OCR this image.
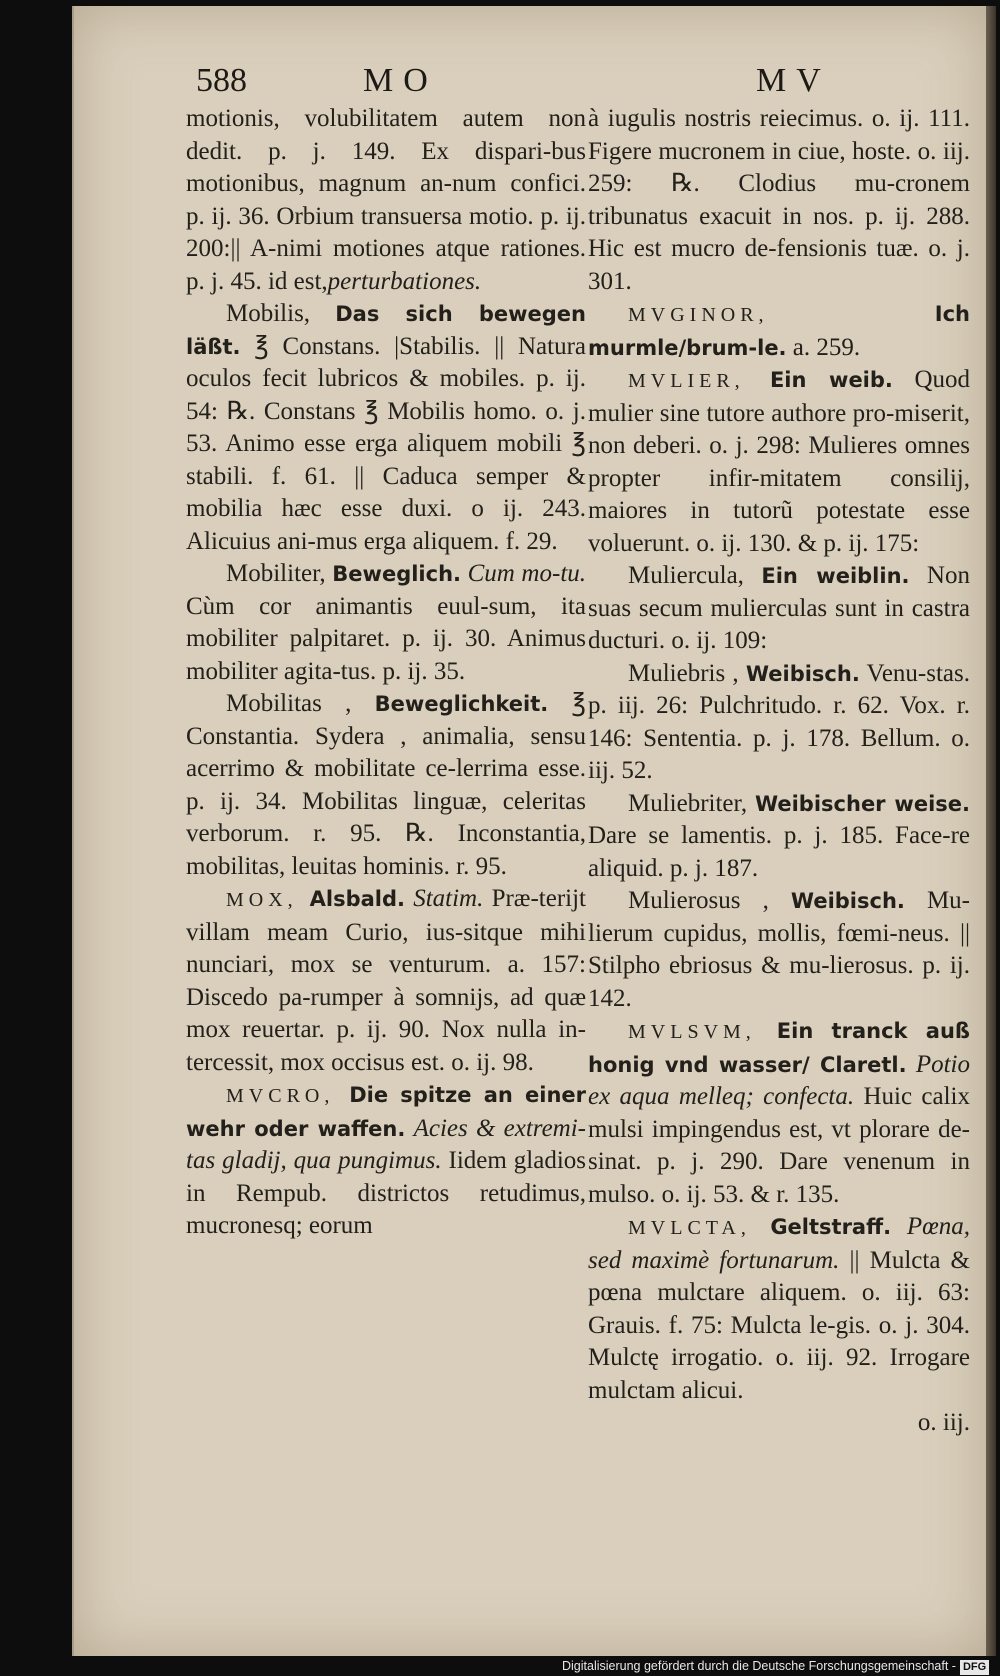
588	MO	MV

motionis, volubilitatem autem non dedit. p. j. 149. Ex dispari-bus motionibus, magnum an-num confici. p. ij. 36. Orbium transuersa motio. p. ij. 200:|| A-nimi motiones atque rationes. p. j. 45. id est,perturbationes.

Mobilis, Das sich bewegen läßt. ℥ Constans. |Stabilis. || Natura oculos fecit lubricos & mobiles. p. ij. 54: ℞. Constans ℥ Mobilis homo. o. j. 53. Animo esse erga aliquem mobili ℥ stabili. f. 61. || Caduca semper & mobilia hæc esse duxi. o ij. 243. Alicuius ani-mus erga aliquem. f. 29.

Mobiliter, Beweglich. Cum mo-tu. Cùm cor animantis euul-sum, ita mobiliter palpitaret. p. ij. 30. Animus mobiliter agita-tus. p. ij. 35.

Mobilitas , Beweglichkeit. ℥ Constantia. Sydera , animalia, sensu acerrimo & mobilitate ce-lerrima esse. p. ij. 34. Mobilitas linguæ, celeritas verborum. r. 95. ℞. Inconstantia, mobilitas, leuitas hominis. r. 95.

MOX, Alsbald. Statim. Præ-terijt villam meam Curio, ius-sitque mihi nunciari, mox se venturum. a. 157: Discedo pa-rumper à somnijs, ad quæ mox reuertar. p. ij. 90. Nox nulla in-tercessit, mox occisus est. o. ij. 98.

MVCRO, Die spitze an einer wehr oder waffen. Acies & extremi-tas gladij, qua pungimus. Iidem gladios in Rempub. districtos retudimus, mucronesq; eorum

à iugulis nostris reiecimus. o. ij. 111. Figere mucronem in ciue, hoste. o. iij. 259: ℞. Clodius mu-cronem tribunatus exacuit in nos. p. ij. 288. Hic est mucro de-fensionis tuæ. o. j. 301.

MVGINOR, Ich murmle/brum-le. a. 259.

MVLIER, Ein weib. Quod mulier sine tutore authore pro-miserit, non deberi. o. j. 298: Mulieres omnes propter infir-mitatem consilij, maiores in tutorũ potestate esse voluerunt. o. ij. 130. & p. ij. 175:

Muliercula, Ein weiblin. Non suas secum mulierculas sunt in castra ducturi. o. ij. 109:

Muliebris , Weibisch. Venu-stas. p. iij. 26: Pulchritudo. r. 62. Vox. r. 146: Sententia. p. j. 178. Bellum. o. iij. 52.

Muliebriter, Weibischer weise. Dare se lamentis. p. j. 185. Face-re aliquid. p. j. 187.

Mulierosus , Weibisch. Mu-lierum cupidus, mollis, fœmi-neus. || Stilpho ebriosus & mu-lierosus. p. ij. 142.

MVLSVM, Ein tranck auß honig vnd wasser/ Claretl. Potio ex aqua melleq; confecta. Huic calix mulsi impingendus est, vt plorare de-sinat. p. j. 290. Dare venenum in mulso. o. ij. 53. & r. 135.

MVLCTA, Geltstraff. Pœna, sed maximè fortunarum. || Mulcta & pœna mulctare aliquem. o. iij. 63: Grauis. f. 75: Mulcta le-gis. o. j. 304. Mulctę irrogatio. o. iij. 92. Irrogare mulctam alicui.

o. iij.

Digitalisierung gefördert durch die Deutsche Forschungsgemeinschaft - DFG
